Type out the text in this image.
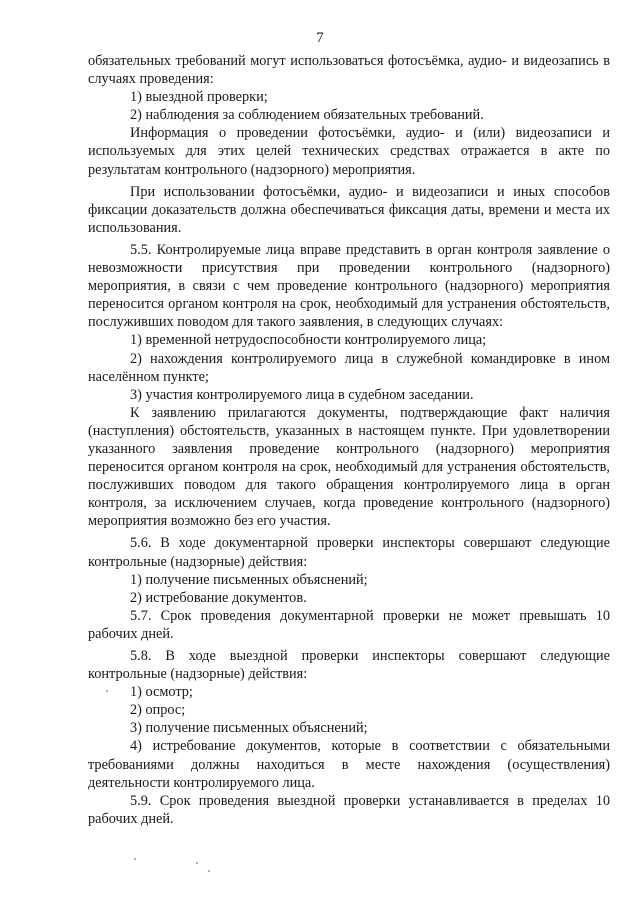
7

обязательных требований могут использоваться фотосъёмка, аудио- и видеозапись в случаях проведения:

1) выездной проверки;

2) наблюдения за соблюдением обязательных требований.

Информация о проведении фотосъёмки, аудио- и (или) видеозаписи и используемых для этих целей технических средствах отражается в акте по результатам контрольного (надзорного) мероприятия.

При использовании фотосъёмки, аудио- и видеозаписи и иных способов фиксации доказательств должна обеспечиваться фиксация даты, времени и места их использования.

5.5. Контролируемые лица вправе представить в орган контроля заявление о невозможности присутствия при проведении контрольного (надзорного) мероприятия, в связи с чем проведение контрольного (надзорного) мероприятия переносится органом контроля на срок, необходимый для устранения обстоятельств, послуживших поводом для такого заявления, в следующих случаях:

1) временной нетрудоспособности контролируемого лица;

2) нахождения контролируемого лица в служебной командировке в ином населённом пункте;

3) участия контролируемого лица в судебном заседании.

К заявлению прилагаются документы, подтверждающие факт наличия (наступления) обстоятельств, указанных в настоящем пункте. При удовлетворении указанного заявления проведение контрольного (надзорного) мероприятия переносится органом контроля на срок, необходимый для устранения обстоятельств, послуживших поводом для такого обращения контролируемого лица в орган контроля, за исключением случаев, когда проведение контрольного (надзорного) мероприятия возможно без его участия.

5.6. В ходе документарной проверки инспекторы совершают следующие контрольные (надзорные) действия:

1) получение письменных объяснений;

2) истребование документов.

5.7. Срок проведения документарной проверки не может превышать 10 рабочих дней.

5.8. В ходе выездной проверки инспекторы совершают следующие контрольные (надзорные) действия:

1) осмотр;

2) опрос;

3) получение письменных объяснений;

4) истребование документов, которые в соответствии с обязательными требованиями должны находиться в месте нахождения (осуществления) деятельности контролируемого лица.

5.9. Срок проведения выездной проверки устанавливается в пределах 10 рабочих дней.
